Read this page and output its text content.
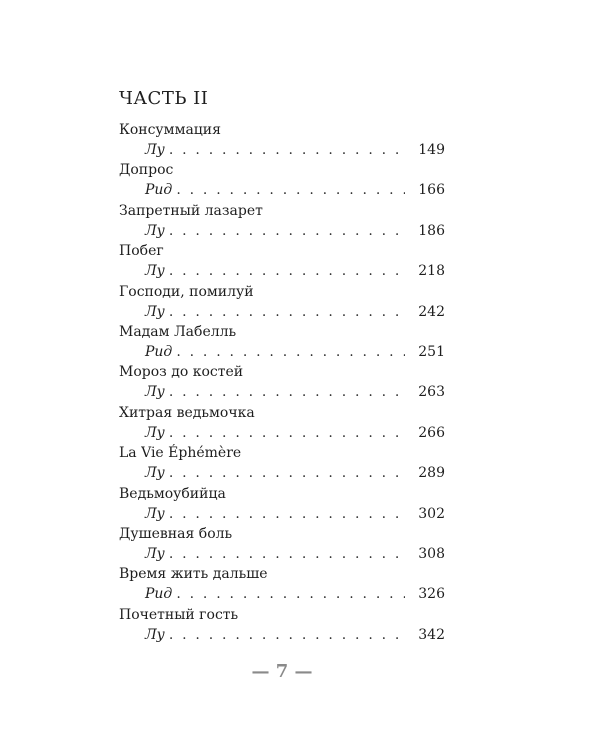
ЧАСТЬ II
Консуммация
Лу . . .	149
Допрос
Рид . . .	166
Запретный лазарет
Лу . . .	186
Побег
Лу . . .	218
Господи, помилуй
Лу . . .	242
Мадам Лабелль
Рид . . .	251
Мороз до костей
Лу . . .	263
Хитрая ведьмочка
Лу . . .	266
La Vie Éphémère
Лу . . .	289
Ведьмоубийца
Лу . . .	302
Душевная боль
Лу . . .	308
Время жить дальше
Рид . . .	326
Почетный гость
Лу . . .	342
— 7 —
